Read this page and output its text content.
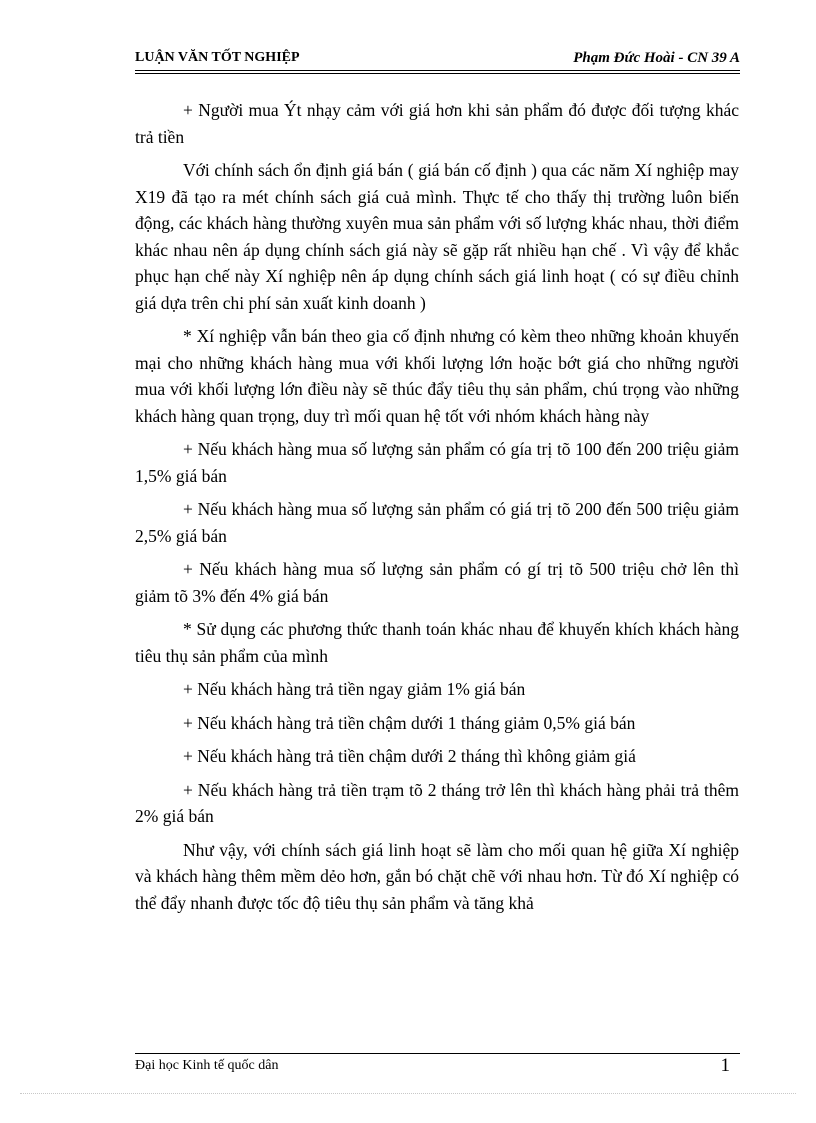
LUẬN VĂN TỐT NGHIỆP	Phạm Đức Hoài - CN 39 A

+ Người mua Ýt nhạy cảm với giá hơn khi sản phẩm đó được đối tượng khác trả tiền

Với chính sách ổn định giá bán ( giá bán cố định ) qua các năm Xí nghiệp may X19 đã tạo ra mét chính sách giá cuả mình. Thực tế cho thấy thị trường luôn biến động, các khách hàng thường xuyên mua sản phẩm với số lượng khác nhau, thời điểm khác nhau nên áp dụng chính sách giá này sẽ gặp rất nhiều hạn chế . Vì vậy để khắc phục hạn chế này Xí nghiệp nên áp dụng chính sách giá linh hoạt ( có sự điều chỉnh giá dựa trên chi phí sản xuất kinh doanh )

* Xí nghiệp vẫn bán theo gia cố định nhưng có kèm theo những khoản khuyến mại cho những khách hàng mua với khối lượng lớn hoặc bớt giá cho những người mua với khối lượng lớn điều này sẽ thúc đẩy tiêu thụ sản phẩm, chú trọng vào những khách hàng quan trọng, duy trì mối quan hệ tốt với nhóm khách hàng này

+ Nếu khách hàng mua số lượng sản phẩm có gía trị tõ 100 đến 200 triệu giảm 1,5% giá bán

+ Nếu khách hàng mua số lượng sản phẩm có giá trị tõ 200 đến 500 triệu giảm 2,5% giá bán

+ Nếu khách hàng mua số lượng sản phẩm có gí trị tõ 500 triệu chở lên thì giảm tõ 3% đến 4% giá bán

* Sử dụng các phương thức thanh toán khác nhau để khuyến khích khách hàng tiêu thụ sản phẩm của mình

+ Nếu khách hàng trả tiền ngay giảm 1% giá bán

+ Nếu khách hàng trả tiền chậm dưới 1 tháng giảm 0,5% giá bán

+ Nếu khách hàng trả tiền chậm dưới 2 tháng thì không giảm giá

+ Nếu khách hàng trả tiền trạm tõ 2 tháng trở lên thì khách hàng phải trả thêm 2% giá bán

Như vậy, với chính sách giá linh hoạt sẽ làm cho mối quan hệ giữa Xí nghiệp và khách hàng thêm mềm dẻo hơn, gắn bó chặt chẽ với nhau hơn. Từ đó Xí nghiệp có thể đẩy nhanh được tốc độ tiêu thụ sản phẩm và tăng khả

Đại học Kinh tế quốc dân	1
